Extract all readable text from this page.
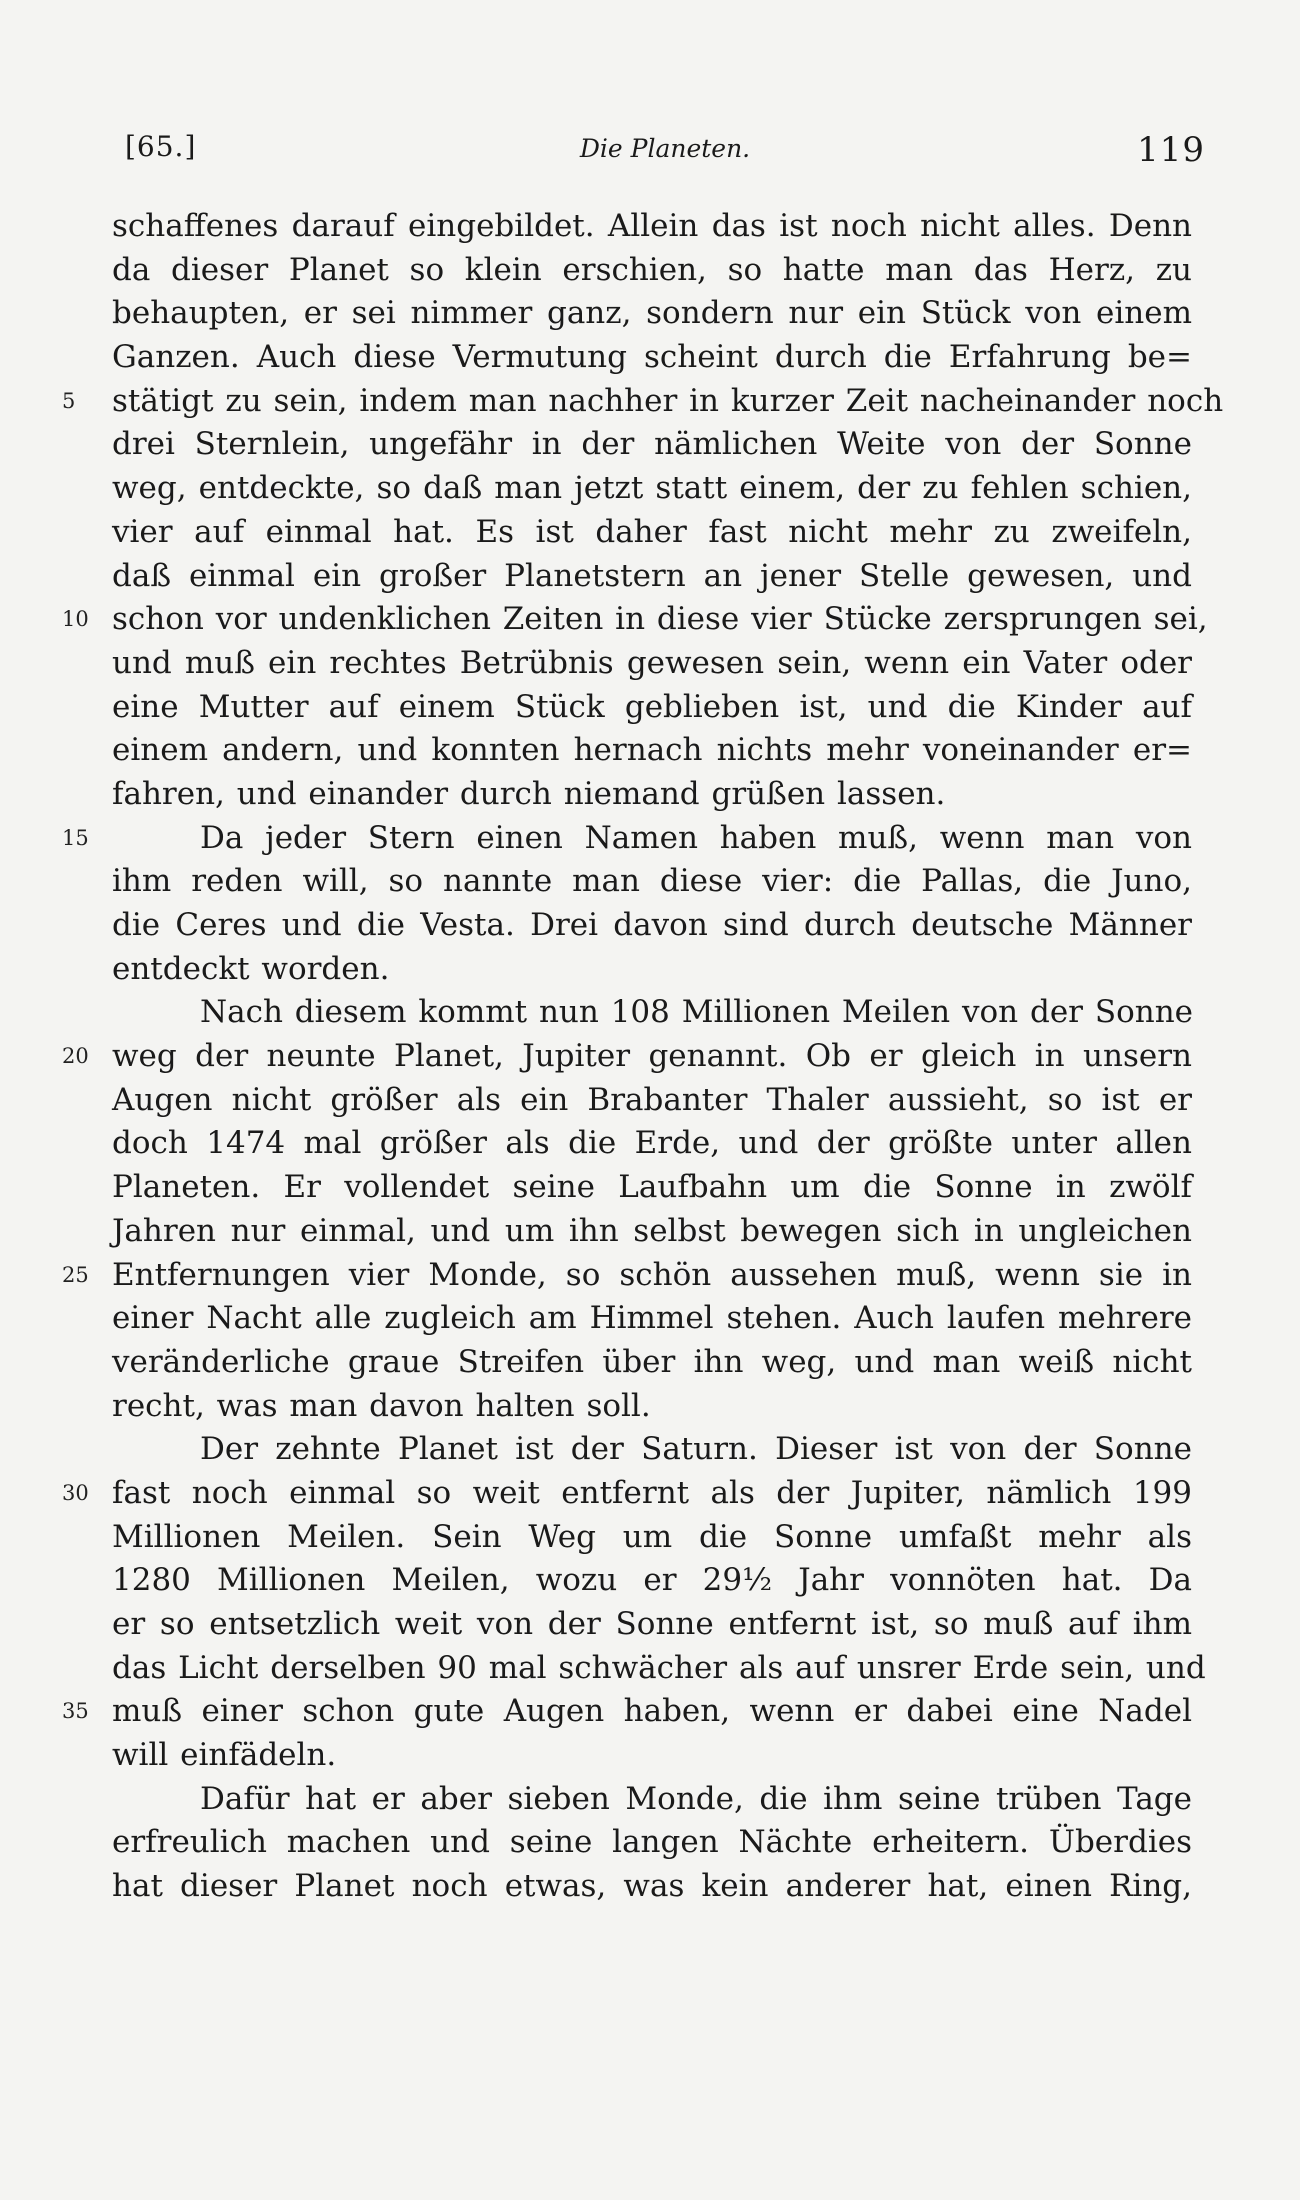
[65.]	Die Planeten.	119
schaffenes darauf eingebildet. Allein das ist noch nicht alles. Denn
da dieser Planet so klein erschien, so hatte man das Herz, zu
behaupten, er sei nimmer ganz, sondern nur ein Stück von einem
Ganzen. Auch diese Vermutung scheint durch die Erfahrung be=
5	stätigt zu sein, indem man nachher in kurzer Zeit nacheinander noch
drei Sternlein, ungefähr in der nämlichen Weite von der Sonne
weg, entdeckte, so daß man jetzt statt einem, der zu fehlen schien,
vier auf einmal hat. Es ist daher fast nicht mehr zu zweifeln,
daß einmal ein großer Planetstern an jener Stelle gewesen, und
10 schon vor undenklichen Zeiten in diese vier Stücke zersprungen sei,
und muß ein rechtes Betrübnis gewesen sein, wenn ein Vater oder
eine Mutter auf einem Stück geblieben ist, und die Kinder auf
einem andern, und konnten hernach nichts mehr voneinander er=
fahren, und einander durch niemand grüßen lassen.
15	Da jeder Stern einen Namen haben muß, wenn man von
ihm reden will, so nannte man diese vier: die Pallas, die Juno,
die Ceres und die Vesta. Drei davon sind durch deutsche Männer
entdeckt worden.
Nach diesem kommt nun 108 Millionen Meilen von der Sonne
20 weg der neunte Planet, Jupiter genannt. Ob er gleich in unsern
Augen nicht größer als ein Brabanter Thaler aussieht, so ist er
doch 1474 mal größer als die Erde, und der größte unter allen
Planeten. Er vollendet seine Laufbahn um die Sonne in zwölf
Jahren nur einmal, und um ihn selbst bewegen sich in ungleichen
25 Entfernungen vier Monde, so schön aussehen muß, wenn sie in
einer Nacht alle zugleich am Himmel stehen. Auch laufen mehrere
veränderliche graue Streifen über ihn weg, und man weiß nicht
recht, was man davon halten soll.
Der zehnte Planet ist der Saturn. Dieser ist von der Sonne
30 fast noch einmal so weit entfernt als der Jupiter, nämlich 199
Millionen Meilen. Sein Weg um die Sonne umfaßt mehr als
1280 Millionen Meilen, wozu er 29½ Jahr vonnöten hat. Da
er so entsetzlich weit von der Sonne entfernt ist, so muß auf ihm
das Licht derselben 90 mal schwächer als auf unsrer Erde sein, und
35 muß einer schon gute Augen haben, wenn er dabei eine Nadel
will einfädeln.
Dafür hat er aber sieben Monde, die ihm seine trüben Tage
erfreulich machen und seine langen Nächte erheitern. Überdies
hat dieser Planet noch etwas, was kein anderer hat, einen Ring,
